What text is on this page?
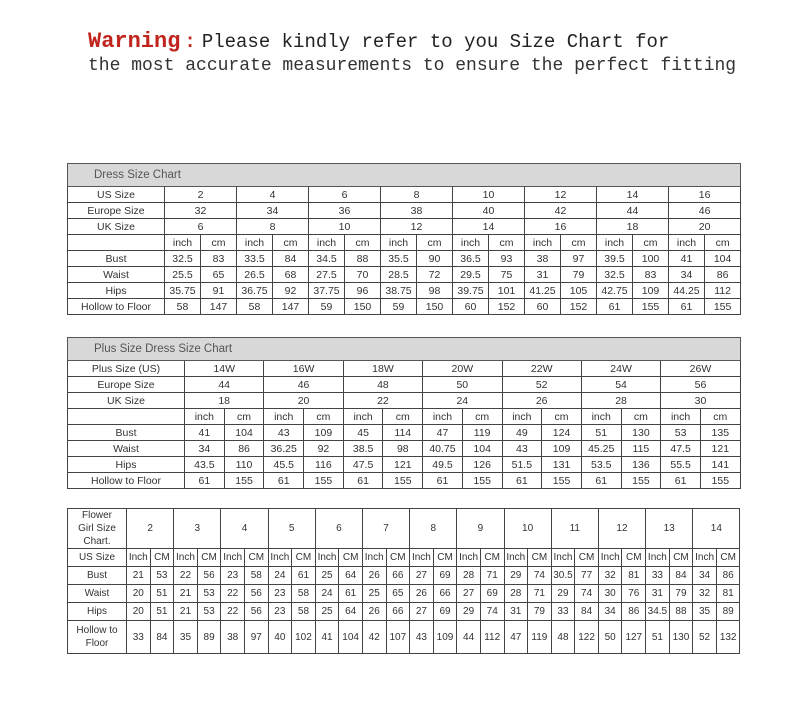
Warning : Please kindly refer to you Size Chart for
the most accurate measurements to ensure the perfect fitting
Dress Size Chart																
US Size	2		4		6		8		10		12		14		16	
Europe Size	32		34		36		38		40		42		44		46	
UK Size	6		8		10		12		14		16		18		20	
	inch	cm	inch	cm	inch	cm	inch	cm	inch	cm	inch	cm	inch	cm	inch	cm
Bust	32.5	83	33.5	84	34.5	88	35.5	90	36.5	93	38	97	39.5	100	41	104
Waist	25.5	65	26.5	68	27.5	70	28.5	72	29.5	75	31	79	32.5	83	34	86
Hips	35.75	91	36.75	92	37.75	96	38.75	98	39.75	101	41.25	105	42.75	109	44.25	112
Hollow to Floor	58	147	58	147	59	150	59	150	60	152	60	152	61	155	61	155
Plus Size Dress Size Chart														
Plus Size (US)	14W		16W		18W		20W		22W		24W		26W	
Europe Size	44		46		48		50		52		54		56	
UK Size	18		20		22		24		26		28		30	
	inch	cm	inch	cm	inch	cm	inch	cm	inch	cm	inch	cm	inch	cm
Bust	41	104	43	109	45	114	47	119	49	124	51	130	53	135
Waist	34	86	36.25	92	38.5	98	40.75	104	43	109	45.25	115	47.5	121
Hips	43.5	110	45.5	116	47.5	121	49.5	126	51.5	131	53.5	136	55.5	141
Hollow to Floor	61	155	61	155	61	155	61	155	61	155	61	155	61	155
Flower
Girl Size
Chart.	2		3		4		5		6		7		8		9		10		11		12		13		14	
US Size	Inch	CM	Inch	CM	Inch	CM	Inch	CM	Inch	CM	Inch	CM	Inch	CM	Inch	CM	Inch	CM	Inch	CM	Inch	CM	Inch	CM	Inch	CM
Bust	21	53	22	56	23	58	24	61	25	64	26	66	27	69	28	71	29	74	30.5	77	32	81	33	84	34	86
Waist	20	51	21	53	22	56	23	58	24	61	25	65	26	66	27	69	28	71	29	74	30	76	31	79	32	81
Hips	20	51	21	53	22	56	23	58	25	64	26	66	27	69	29	74	31	79	33	84	34	86	34.5	88	35	89

Hollow to
Floor	33	84	35	89	38	97	40	102	41	104	42	107	43	109	44	112	47	119	48	122	50	127	51	130	52	132
